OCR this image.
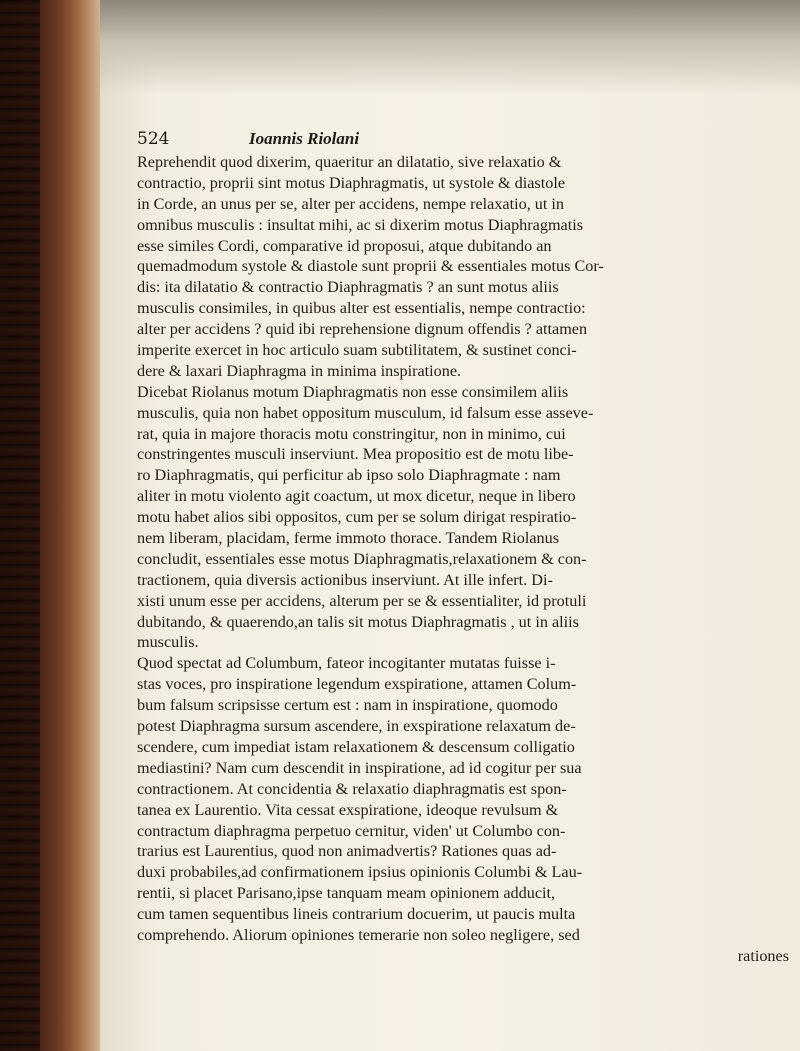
524	Ioannis Riolani
Reprehendit quod dixerim, quaeritur an dilatatio, sive relaxatio &
contractio, proprii sint motus Diaphragmatis, ut systole & diastole
in Corde, an unus per se, alter per accidens, nempe relaxatio, ut in
omnibus musculis : insultat mihi, ac si dixerim motus Diaphragmatis
esse similes Cordi, comparative id proposui, atque dubitando an
quemadmodum systole & diastole sunt proprii & essentiales motus Cor-
dis: ita dilatatio & contractio Diaphragmatis ? an sunt motus aliis
musculis consimiles, in quibus alter est essentialis, nempe contractio:
alter per accidens ? quid ibi reprehensione dignum offendis ? attamen
imperite exercet in hoc articulo suam subtilitatem, & sustinet conci-
dere & laxari Diaphragma in minima inspiratione.
Dicebat Riolanus motum Diaphragmatis non esse consimilem aliis
musculis, quia non habet oppositum musculum, id falsum esse asseve-
rat, quia in majore thoracis motu constringitur, non in minimo, cui
constringentes musculi inserviunt. Mea propositio est de motu libe-
ro Diaphragmatis, qui perficitur ab ipso solo Diaphragmate : nam
aliter in motu violento agit coactum, ut mox dicetur, neque in libero
motu habet alios sibi oppositos, cum per se solum dirigat respiratio-
nem liberam, placidam, ferme immoto thorace. Tandem Riolanus
concludit, essentiales esse motus Diaphragmatis,relaxationem & con-
tractionem, quia diversis actionibus inserviunt. At ille infert. Di-
xisti unum esse per accidens, alterum per se & essentialiter, id protuli
dubitando, & quaerendo,an talis sit motus Diaphragmatis , ut in aliis
musculis.
Quod spectat ad Columbum, fateor incogitanter mutatas fuisse i-
stas voces, pro inspiratione legendum exspiratione, attamen Colum-
bum falsum scripsisse certum est : nam in inspiratione, quomodo
potest Diaphragma sursum ascendere, in exspiratione relaxatum de-
scendere, cum impediat istam relaxationem & descensum colligatio
mediastini? Nam cum descendit in inspiratione, ad id cogitur per sua
contractionem. At concidentia & relaxatio diaphragmatis est spon-
tanea ex Laurentio. Vita cessat exspiratione, ideoque revulsum &
contractum diaphragma perpetuo cernitur, viden' ut Columbo con-
trarius est Laurentius, quod non animadvertis? Rationes quas ad-
duxi probabiles,ad confirmationem ipsius opinionis Columbi & Lau-
rentii, si placet Parisano,ipse tanquam meam opinionem adducit,
cum tamen sequentibus lineis contrarium docuerim, ut paucis multa
comprehendo. Aliorum opiniones temerarie non soleo negligere, sed
rationes
